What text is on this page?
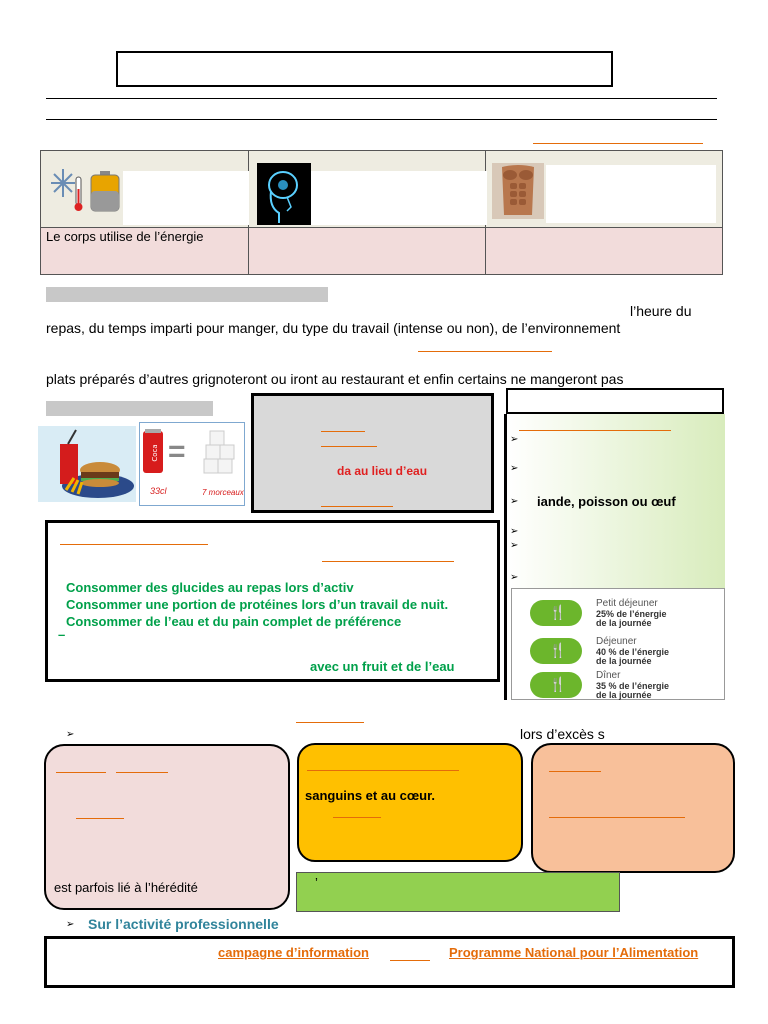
Le corps utilise de l’énergie		

l’heure du
repas, du temps imparti pour manger, du type du travail (intense ou non), de l’environnement
plats préparés d’autres grignoteront ou iront au restaurant et enfin certains ne mangeront pas
Coca =
33cl	7 morceaux
da au lieu d’eau
➢
➢
➢ iande, poisson ou œuf
➢
➢
➢
🍴
Petit déjeuner
25% de l’énergie
de la journée
🍴
Déjeuner
40 % de l’énergie
de la journée
🍴
Dîner
35 % de l’énergie
de la journée
Consommer des glucides au repas lors d’activ
Consommer une portion de protéines lors d’un travail de nuit.
Consommer de l’eau et du pain complet de préférence
–
avec un fruit et de l’eau
➢	lors d’excès s
est parfois lié à l’hérédité
sanguins et au cœur.
’
➢ Sur l’activité professionnelle
campagne d’information	Programme National pour l’Alimentation
